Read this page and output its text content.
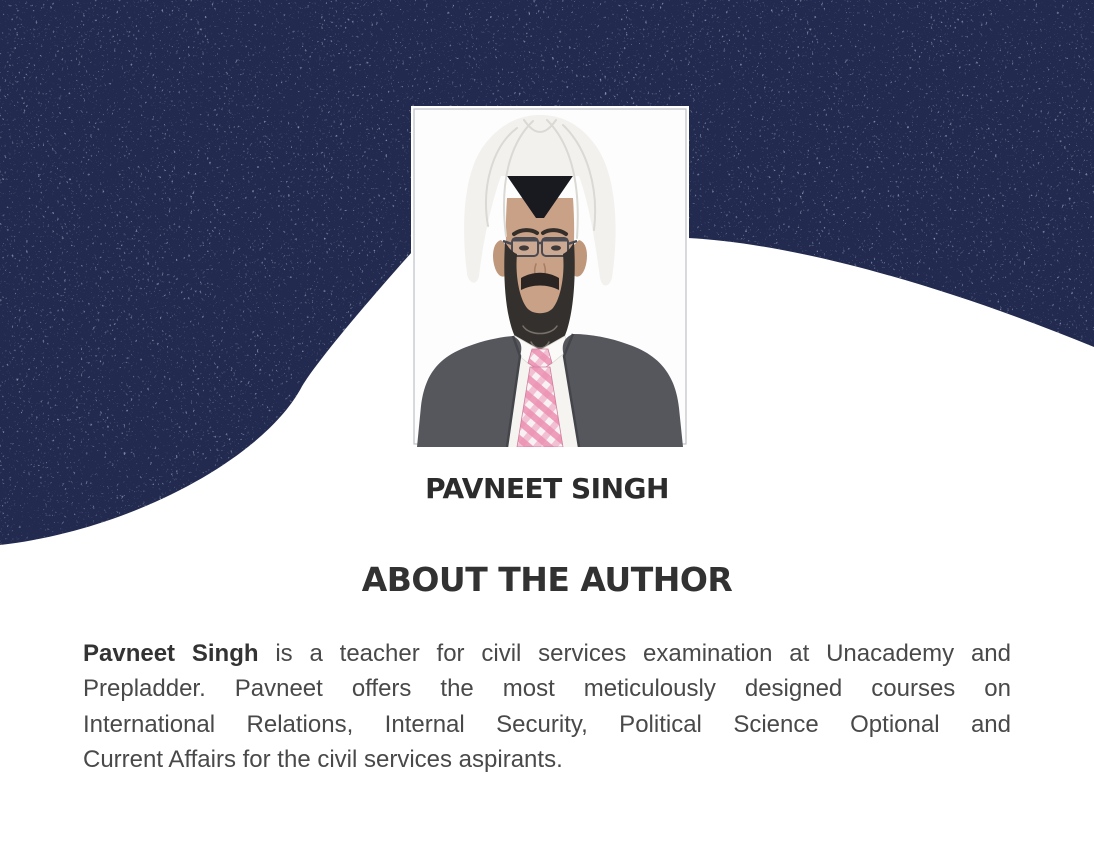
PAVNEET SINGH
ABOUT THE AUTHOR

Pavneet Singh is a teacher for civil services examination at Unacademy and
Prepladder. Pavneet offers the most meticulously designed courses on
International Relations, Internal Security, Political Science Optional and
Current Affairs for the civil services aspirants.
